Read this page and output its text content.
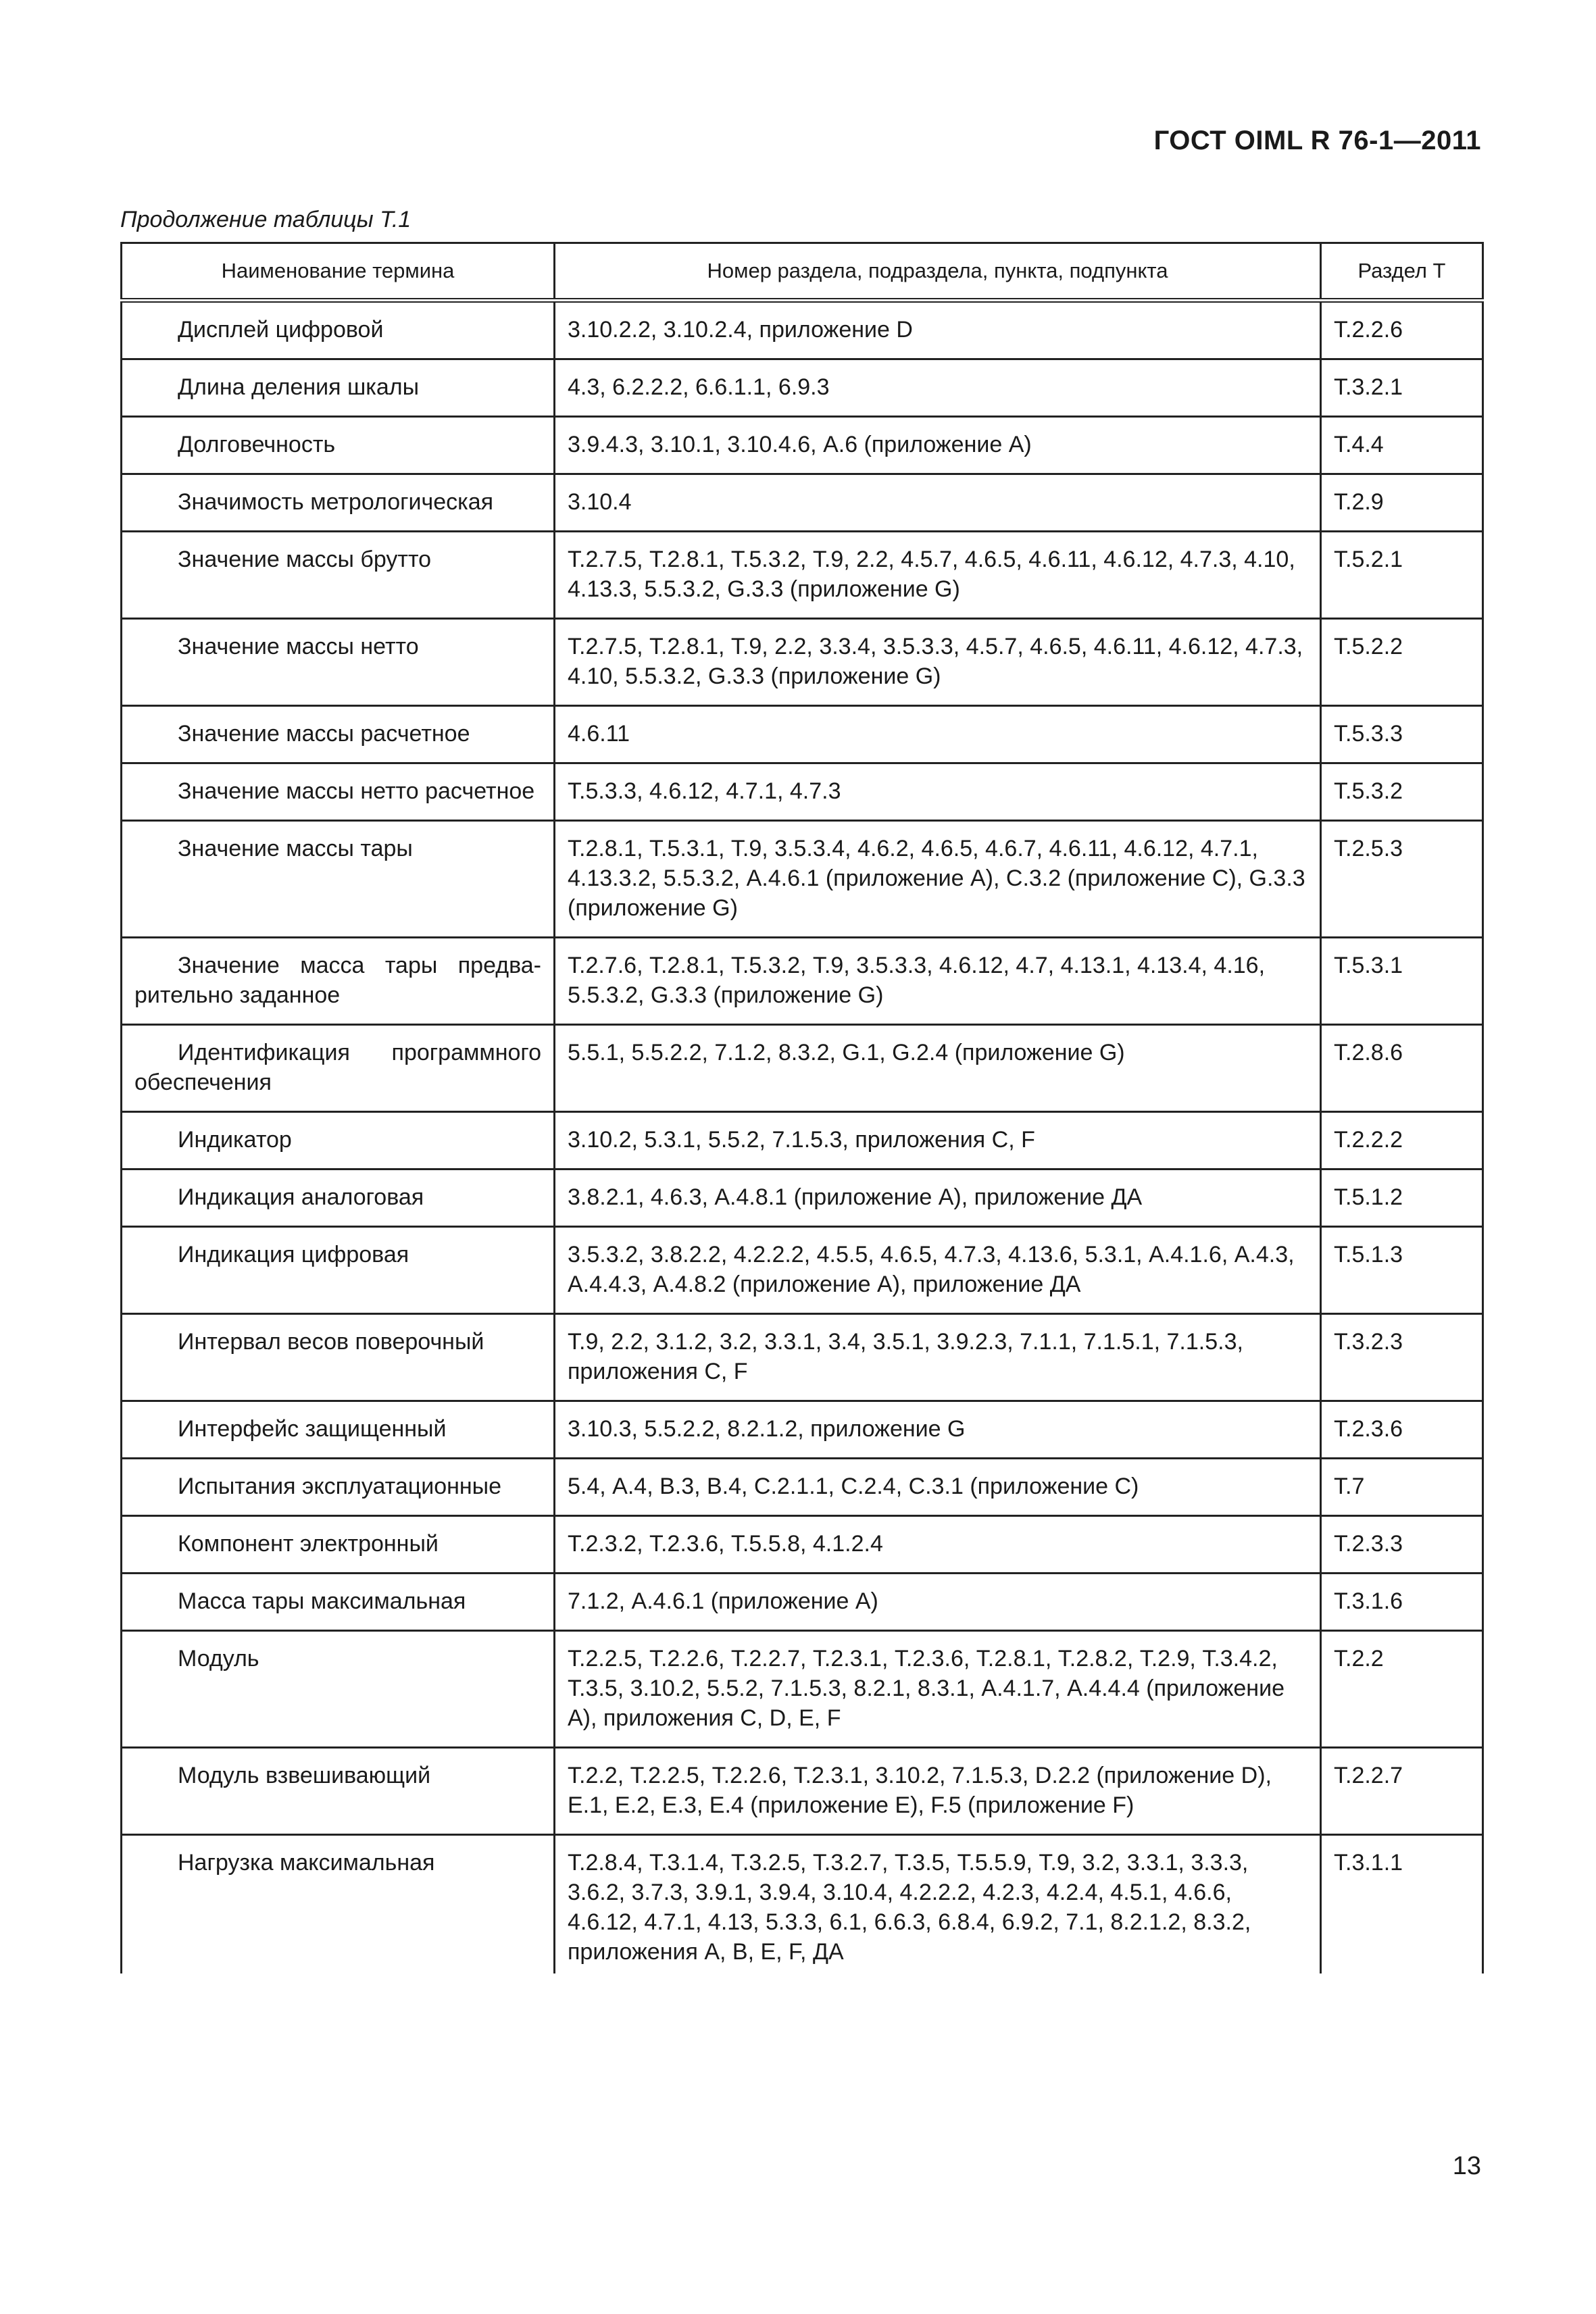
ГОСТ OIML R 76-1—2011
Продолжение таблицы Т.1
Наименование термина	Номер раздела, подраздела, пункта, подпункта	Раздел Т
Дисплей цифровой	3.10.2.2, 3.10.2.4, приложение D	Т.2.2.6
Длина деления шкалы	4.3, 6.2.2.2, 6.6.1.1, 6.9.3	Т.3.2.1
Долговечность	3.9.4.3, 3.10.1, 3.10.4.6, А.6 (приложение А)	Т.4.4
Значимость метрологическая	3.10.4	Т.2.9
Значение массы брутто	Т.2.7.5, Т.2.8.1, Т.5.3.2, Т.9, 2.2, 4.5.7, 4.6.5, 4.6.11, 4.6.12, 4.7.3, 4.10, 4.13.3, 5.5.3.2, G.3.3 (приложение G)	Т.5.2.1
Значение массы нетто	Т.2.7.5, Т.2.8.1, Т.9, 2.2, 3.3.4, 3.5.3.3, 4.5.7, 4.6.5, 4.6.11, 4.6.12, 4.7.3, 4.10, 5.5.3.2, G.3.3 (приложение G)	Т.5.2.2
Значение массы расчетное	4.6.11	Т.5.3.3
Значение массы нетто расчетное	Т.5.3.3, 4.6.12, 4.7.1, 4.7.3	Т.5.3.2
Значение массы тары	Т.2.8.1, Т.5.3.1, Т.9, 3.5.3.4, 4.6.2, 4.6.5, 4.6.7, 4.6.11, 4.6.12, 4.7.1, 4.13.3.2, 5.5.3.2, А.4.6.1 (приложение А), С.3.2 (приложение С), G.3.3 (приложение G)	Т.2.5.3
Значение масса тары предварительно заданное	Т.2.7.6, Т.2.8.1, Т.5.3.2, Т.9, 3.5.3.3, 4.6.12, 4.7, 4.13.1, 4.13.4, 4.16, 5.5.3.2, G.3.3 (приложение G)	Т.5.3.1
Идентификация программного обеспечения	5.5.1, 5.5.2.2, 7.1.2, 8.3.2, G.1, G.2.4 (приложение G)	Т.2.8.6
Индикатор	3.10.2, 5.3.1, 5.5.2, 7.1.5.3, приложения С, F	Т.2.2.2
Индикация аналоговая	3.8.2.1, 4.6.3, А.4.8.1 (приложение А), приложение ДА	Т.5.1.2
Индикация цифровая	3.5.3.2, 3.8.2.2, 4.2.2.2, 4.5.5, 4.6.5, 4.7.3, 4.13.6, 5.3.1, А.4.1.6, А.4.3, А.4.4.3, А.4.8.2 (приложение А), приложение ДА	Т.5.1.3
Интервал весов поверочный	Т.9, 2.2, 3.1.2, 3.2, 3.3.1, 3.4, 3.5.1, 3.9.2.3, 7.1.1, 7.1.5.1, 7.1.5.3, приложения С, F	Т.3.2.3
Интерфейс защищенный	3.10.3, 5.5.2.2, 8.2.1.2, приложение G	Т.2.3.6
Испытания эксплуатационные	5.4, А.4, В.3, В.4, С.2.1.1, С.2.4, С.3.1 (приложение С)	Т.7
Компонент электронный	Т.2.3.2, Т.2.3.6, Т.5.5.8, 4.1.2.4	Т.2.3.3
Масса тары максимальная	7.1.2, А.4.6.1 (приложение А)	Т.3.1.6
Модуль	Т.2.2.5, Т.2.2.6, Т.2.2.7, Т.2.3.1, Т.2.3.6, Т.2.8.1, Т.2.8.2, Т.2.9, Т.3.4.2, Т.3.5, 3.10.2, 5.5.2, 7.1.5.3, 8.2.1, 8.3.1, А.4.1.7, А.4.4.4 (приложение А), приложения С, D, Е, F	Т.2.2
Модуль взвешивающий	Т.2.2, Т.2.2.5, Т.2.2.6, Т.2.3.1, 3.10.2, 7.1.5.3, D.2.2 (приложение D), Е.1, Е.2, Е.3, Е.4 (приложение Е), F.5 (приложение F)	Т.2.2.7
Нагрузка максимальная	Т.2.8.4, Т.3.1.4, Т.3.2.5, Т.3.2.7, Т.3.5, Т.5.5.9, Т.9, 3.2, 3.3.1, 3.3.3, 3.6.2, 3.7.3, 3.9.1, 3.9.4, 3.10.4, 4.2.2.2, 4.2.3, 4.2.4, 4.5.1, 4.6.6, 4.6.12, 4.7.1, 4.13, 5.3.3, 6.1, 6.6.3, 6.8.4, 6.9.2, 7.1, 8.2.1.2, 8.3.2, приложения А, В, Е, F, ДА	Т.3.1.1
13
